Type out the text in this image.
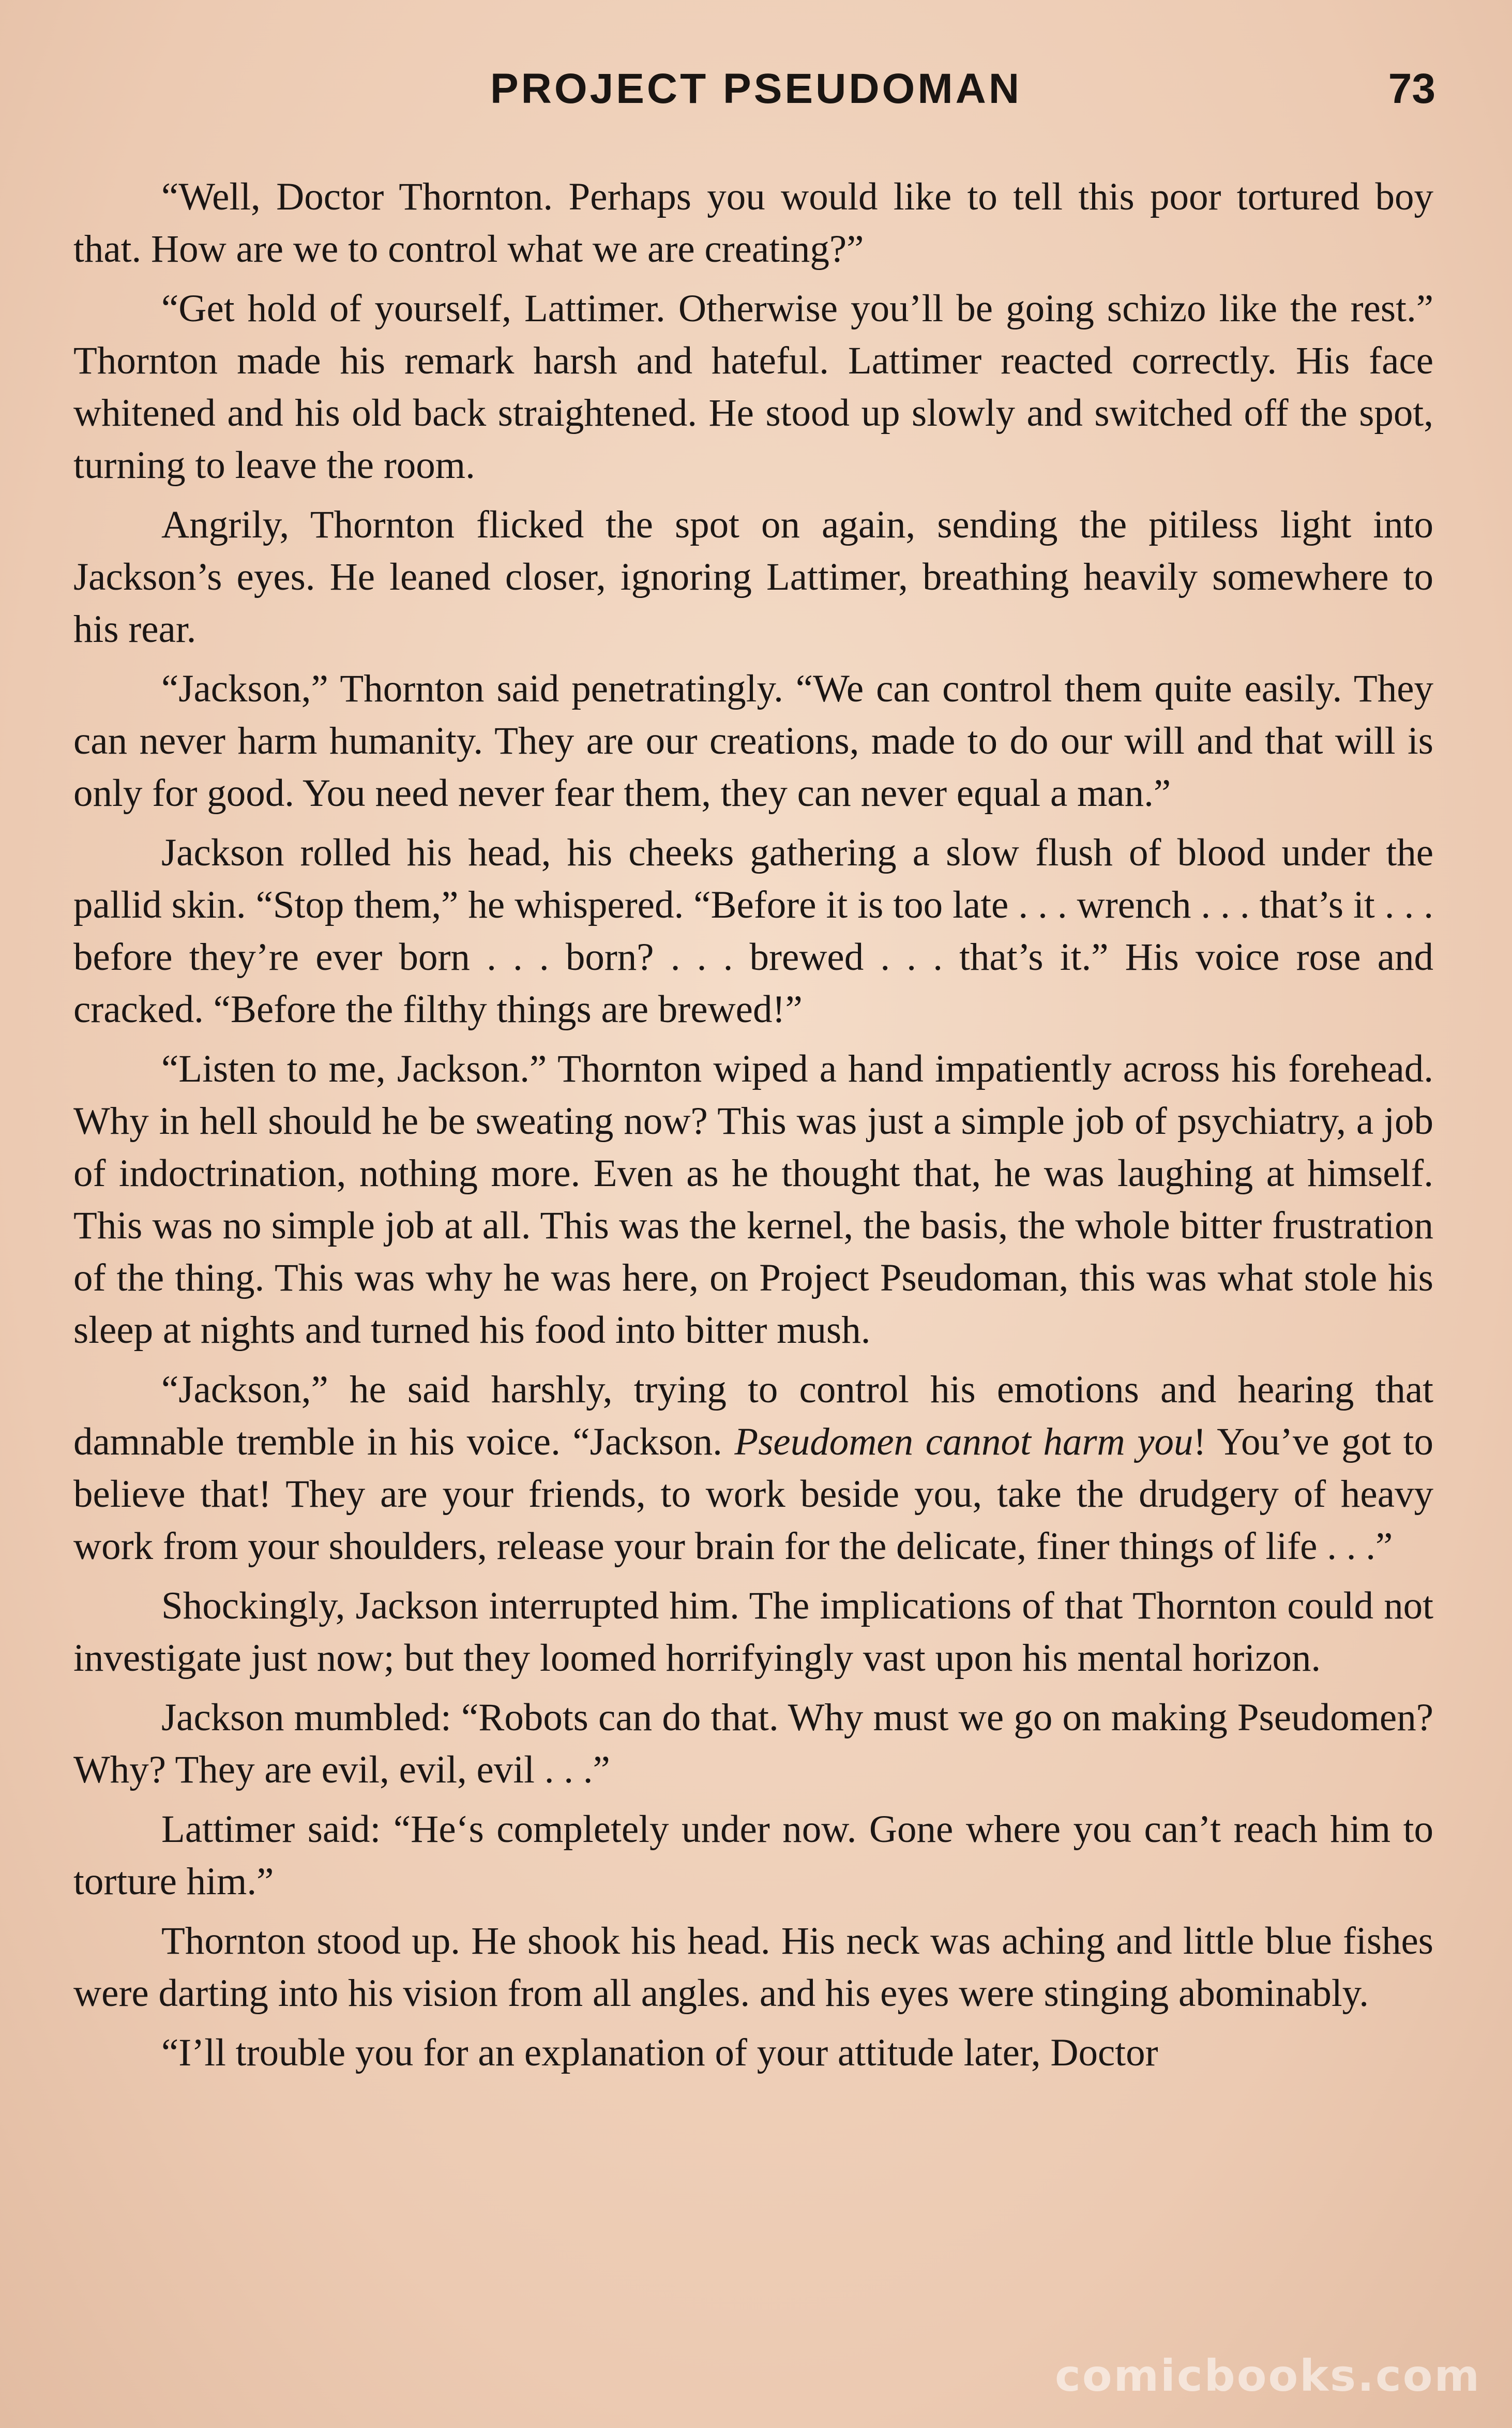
PROJECT PSEUDOMAN	73

“Well, Doctor Thornton. Perhaps you would like to tell this poor tortured boy that. How are we to control what we are creating?”

“Get hold of yourself, Lattimer. Otherwise you’ll be going schizo like the rest.” Thornton made his remark harsh and hateful. Lattimer reacted correctly. His face whitened and his old back straightened. He stood up slowly and switched off the spot, turning to leave the room.

Angrily, Thornton flicked the spot on again, sending the pitiless light into Jackson’s eyes. He leaned closer, ignoring Lattimer, breathing heavily somewhere to his rear.

“Jackson,” Thornton said penetratingly. “We can control them quite easily. They can never harm humanity. They are our creations, made to do our will and that will is only for good. You need never fear them, they can never equal a man.”

Jackson rolled his head, his cheeks gathering a slow flush of blood under the pallid skin. “Stop them,” he whispered. “Before it is too late . . . wrench . . . that’s it . . . before they’re ever born . . . born? . . . brewed . . . that’s it.” His voice rose and cracked. “Before the filthy things are brewed!”

“Listen to me, Jackson.” Thornton wiped a hand impatiently across his forehead. Why in hell should he be sweating now? This was just a simple job of psychiatry, a job of indoctrination, nothing more. Even as he thought that, he was laughing at himself. This was no simple job at all. This was the kernel, the basis, the whole bitter frustration of the thing. This was why he was here, on Project Pseudoman, this was what stole his sleep at nights and turned his food into bitter mush.

“Jackson,” he said harshly, trying to control his emotions and hearing that damnable tremble in his voice. “Jackson. Pseudomen cannot harm you! You’ve got to believe that! They are your friends, to work beside you, take the drudgery of heavy work from your shoulders, release your brain for the delicate, finer things of life . . .”

Shockingly, Jackson interrupted him. The implications of that Thornton could not investigate just now; but they loomed horrifyingly vast upon his mental horizon.

Jackson mumbled: “Robots can do that. Why must we go on making Pseudomen? Why? They are evil, evil, evil . . .”

Lattimer said: “He‘s completely under now. Gone where you can’t reach him to torture him.”

Thornton stood up. He shook his head. His neck was aching and little blue fishes were darting into his vision from all angles. and his eyes were stinging abominably.

“I’ll trouble you for an explanation of your attitude later, Doctor

comicbooks.com
